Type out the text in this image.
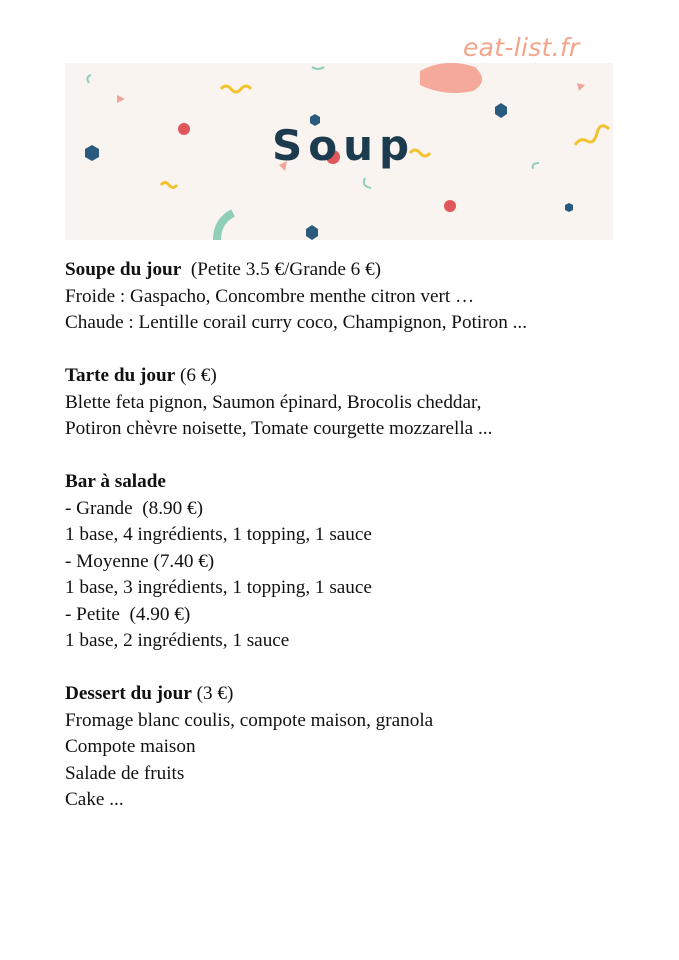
eat-list.fr
Soup
Soupe du jour  (Petite 3.5 €/Grande 6 €)
Froide : Gaspacho, Concombre menthe citron vert …
Chaude : Lentille corail curry coco, Champignon, Potiron ...
Tarte du jour (6 €)
Blette feta pignon, Saumon épinard, Brocolis cheddar,
Potiron chèvre noisette, Tomate courgette mozzarella ...
Bar à salade
- Grande  (8.90 €)
1 base, 4 ingrédients, 1 topping, 1 sauce
- Moyenne (7.40 €)
1 base, 3 ingrédients, 1 topping, 1 sauce
- Petite  (4.90 €)
1 base, 2 ingrédients, 1 sauce
Dessert du jour (3 €)
Fromage blanc coulis, compote maison, granola
Compote maison
Salade de fruits
Cake ...
